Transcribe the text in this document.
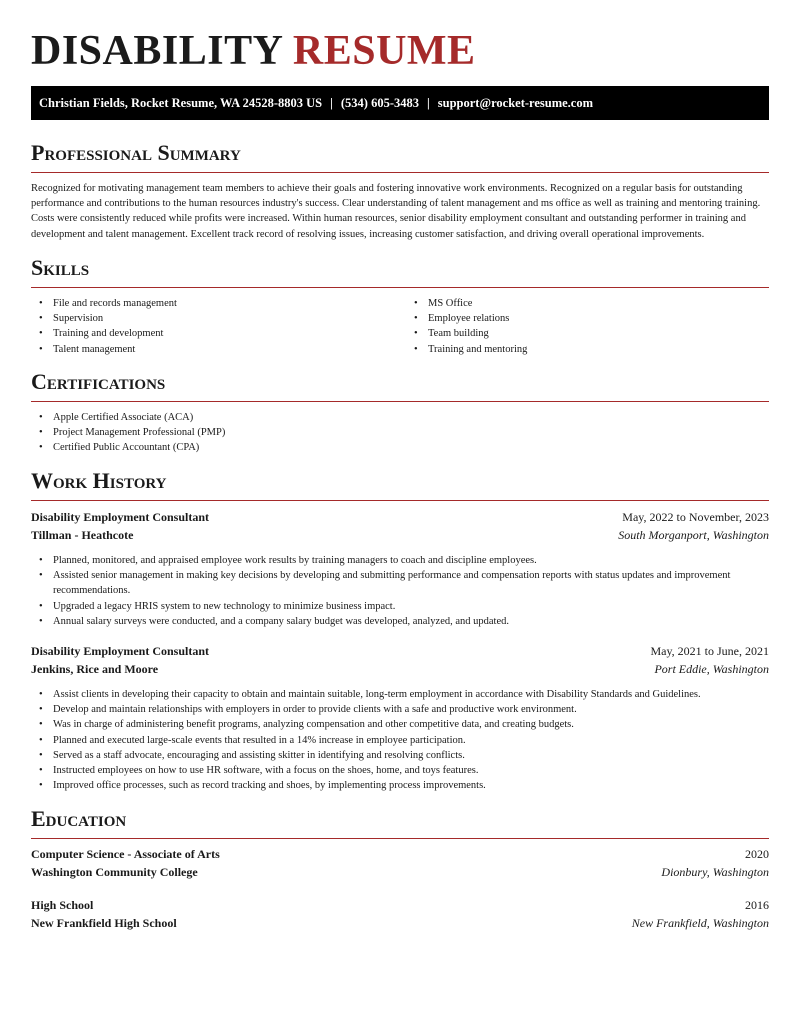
DISABILITY RESUME
Christian Fields, Rocket Resume, WA 24528-8803 US | (534) 605-3483 | support@rocket-resume.com
Professional Summary
Recognized for motivating management team members to achieve their goals and fostering innovative work environments. Recognized on a regular basis for outstanding performance and contributions to the human resources industry's success. Clear understanding of talent management and ms office as well as training and mentoring training. Costs were consistently reduced while profits were increased. Within human resources, senior disability employment consultant and outstanding performer in training and development and talent management. Excellent track record of resolving issues, increasing customer satisfaction, and driving overall operational improvements.
Skills
• File and records management
• Supervision
• Training and development
• Talent management
• MS Office
• Employee relations
• Team building
• Training and mentoring
Certifications
• Apple Certified Associate (ACA)
• Project Management Professional (PMP)
• Certified Public Accountant (CPA)
Work History
Disability Employment Consultant	May, 2022 to November, 2023
Tillman - Heathcote	South Morganport, Washington
• Planned, monitored, and appraised employee work results by training managers to coach and discipline employees.
• Assisted senior management in making key decisions by developing and submitting performance and compensation reports with status updates and improvement recommendations.
• Upgraded a legacy HRIS system to new technology to minimize business impact.
• Annual salary surveys were conducted, and a company salary budget was developed, analyzed, and updated.
Disability Employment Consultant	May, 2021 to June, 2021
Jenkins, Rice and Moore	Port Eddie, Washington
• Assist clients in developing their capacity to obtain and maintain suitable, long-term employment in accordance with Disability Standards and Guidelines.
• Develop and maintain relationships with employers in order to provide clients with a safe and productive work environment.
• Was in charge of administering benefit programs, analyzing compensation and other competitive data, and creating budgets.
• Planned and executed large-scale events that resulted in a 14% increase in employee participation.
• Served as a staff advocate, encouraging and assisting skitter in identifying and resolving conflicts.
• Instructed employees on how to use HR software, with a focus on the shoes, home, and toys features.
• Improved office processes, such as record tracking and shoes, by implementing process improvements.
Education
Computer Science - Associate of Arts	2020
Washington Community College	Dionbury, Washington
High School	2016
New Frankfield High School	New Frankfield, Washington
